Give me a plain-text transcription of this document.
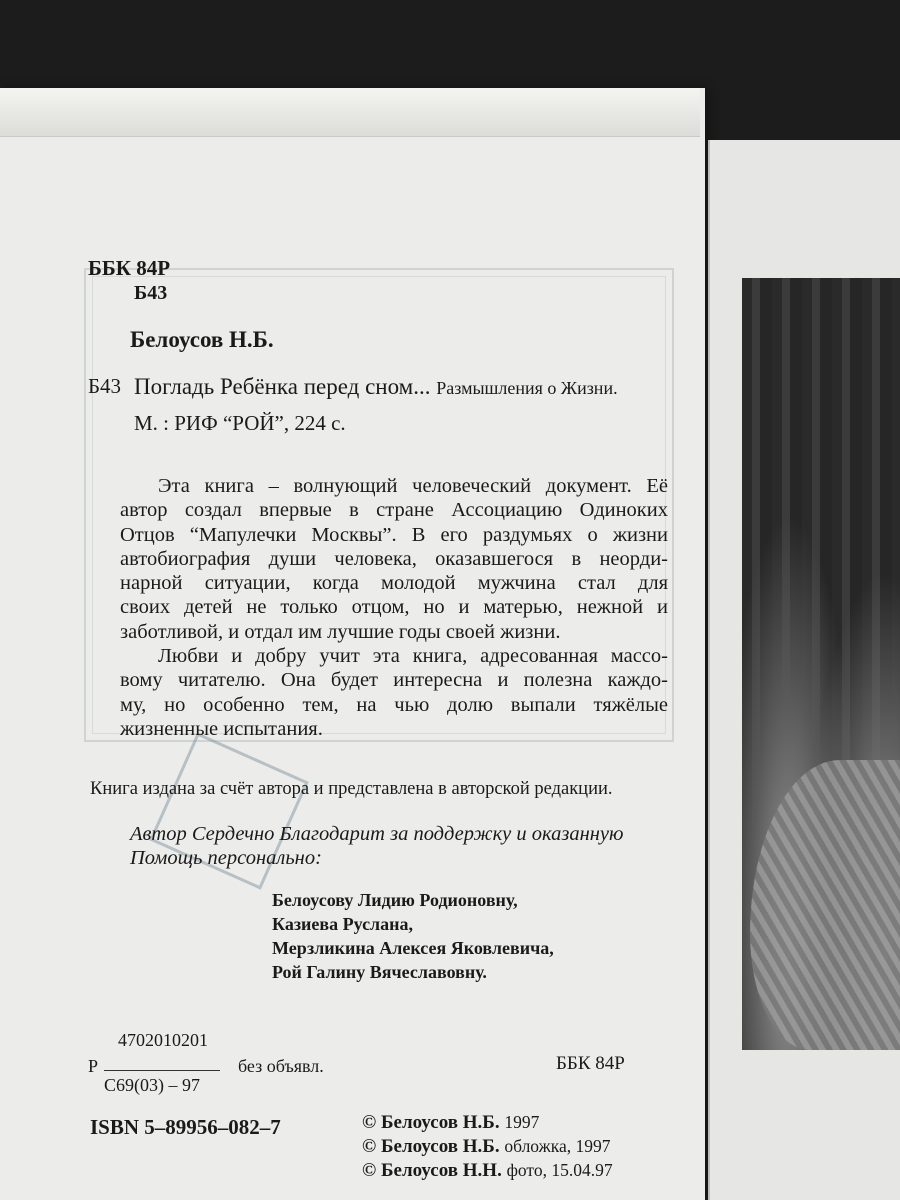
ББК 84Р
Б43
Белоусов Н.Б.
Б43 Погладь Ребёнка перед сном... Размышления о Жизни.
М. : РИФ “РОЙ”, 224 с.
Эта книга – волнующий человеческий документ. Её
автор создал впервые в стране Ассоциацию Одиноких
Отцов “Мапулечки Москвы”. В его раздумьях о жизни
автобиография души человека, оказавшегося в неорди-
нарной ситуации, когда молодой мужчина стал для
своих детей не только отцом, но и матерью, нежной и
заботливой, и отдал им лучшие годы своей жизни.
Любви и добру учит эта книга, адресованная массо-
вому читателю. Она будет интересна и полезна каждо-
му, но особенно тем, на чью долю выпали тяжёлые
жизненные испытания.
Книга издана за счёт автора и представлена в авторской редакции.
Автор Сердечно Благодарит за поддержку и оказанную
Помощь персонально:
Белоусову Лидию Родионовну,
Казиева Руслана,
Мерзликина Алексея Яковлевича,
Рой Галину Вячеславовну.
4702010201
Р	без объявл.	ББК 84Р
С69(03) – 97
ISBN 5–89956–082–7	© Белоусов Н.Б. 1997
© Белоусов Н.Б. обложка, 1997
© Белоусов Н.Н. фото, 15.04.97
